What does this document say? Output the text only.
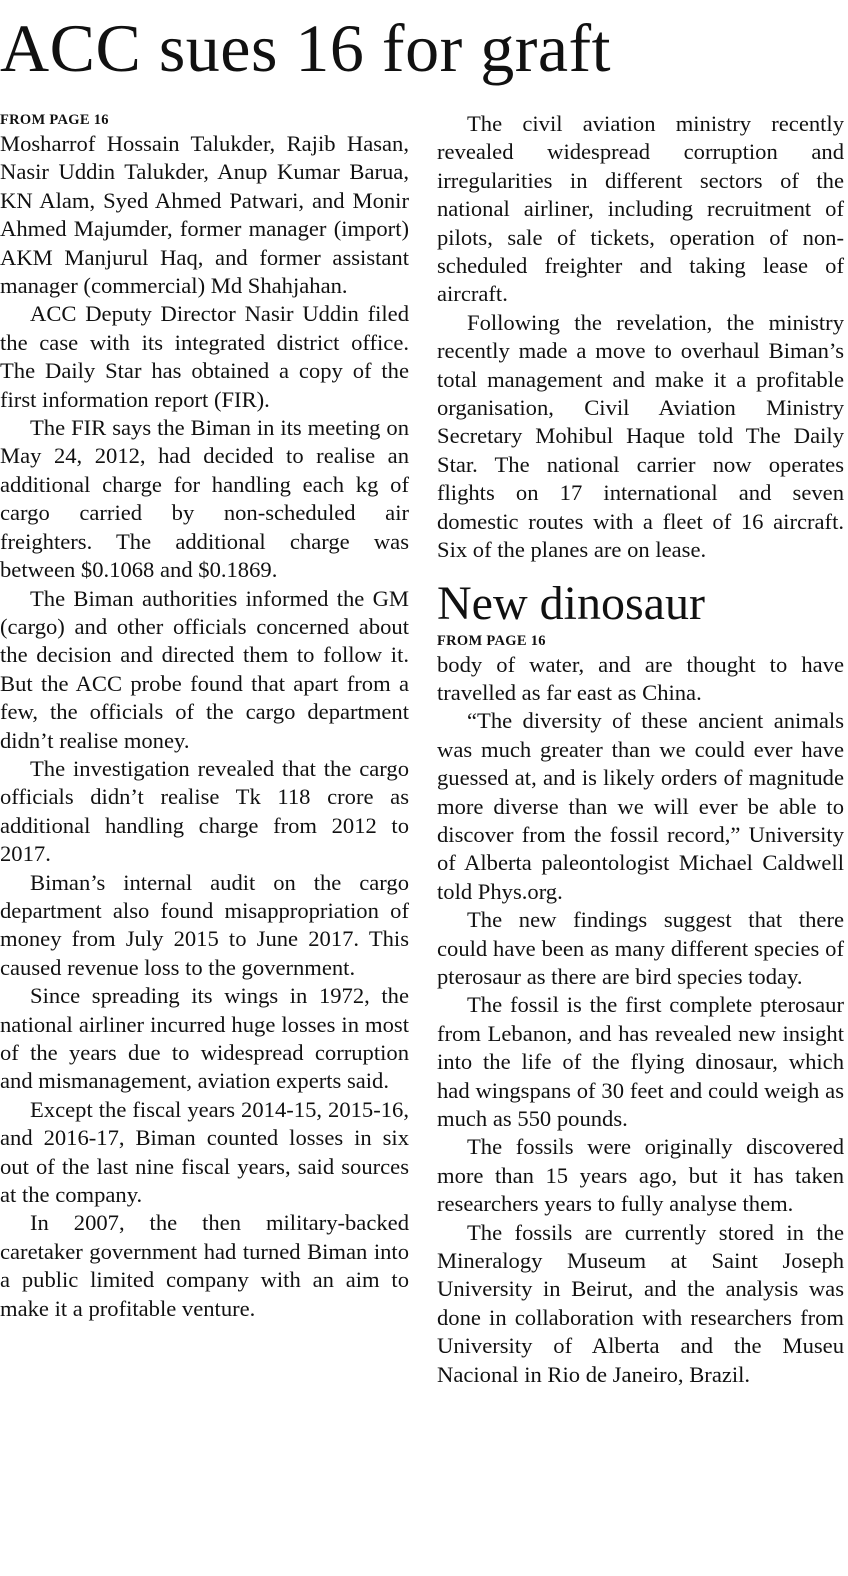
ACC sues 16 for graft

FROM PAGE 16

Mosharrof Hossain Talukder, Rajib Hasan, Nasir Uddin Talukder, Anup Kumar Barua, KN Alam, Syed Ahmed Patwari, and Monir Ahmed Majumder, former manager (import) AKM Manjurul Haq, and former assistant manager (commercial) Md Shahjahan.

ACC Deputy Director Nasir Uddin filed the case with its integrated district office. The Daily Star has obtained a copy of the first information report (FIR).

The FIR says the Biman in its meeting on May 24, 2012, had decided to realise an additional charge for handling each kg of cargo carried by non-scheduled air freighters. The additional charge was between $0.1068 and $0.1869.

The Biman authorities informed the GM (cargo) and other officials concerned about the decision and directed them to follow it. But the ACC probe found that apart from a few, the officials of the cargo department didn’t realise money.

The investigation revealed that the cargo officials didn’t realise Tk 118 crore as additional handling charge from 2012 to 2017.

Biman’s internal audit on the cargo department also found misappropriation of money from July 2015 to June 2017. This caused revenue loss to the government.

Since spreading its wings in 1972, the national airliner incurred huge losses in most of the years due to widespread corruption and mismanagement, aviation experts said.

Except the fiscal years 2014-15, 2015-16, and 2016-17, Biman counted losses in six out of the last nine fiscal years, said sources at the company.

In 2007, the then military-backed caretaker government had turned Biman into a public limited company with an aim to make it a profitable venture.

The civil aviation ministry recently revealed widespread corruption and irregularities in different sectors of the national airliner, including recruitment of pilots, sale of tickets, operation of non-scheduled freighter and taking lease of aircraft.

Following the revelation, the ministry recently made a move to overhaul Biman’s total management and make it a profitable organisation, Civil Aviation Ministry Secretary Mohibul Haque told The Daily Star. The national carrier now operates flights on 17 international and seven domestic routes with a fleet of 16 aircraft. Six of the planes are on lease.

New dinosaur

FROM PAGE 16

body of water, and are thought to have travelled as far east as China.

“The diversity of these ancient animals was much greater than we could ever have guessed at, and is likely orders of magnitude more diverse than we will ever be able to discover from the fossil record,” University of Alberta paleontologist Michael Caldwell told Phys.org.

The new findings suggest that there could have been as many different species of pterosaur as there are bird species today.

The fossil is the first complete pterosaur from Lebanon, and has revealed new insight into the life of the flying dinosaur, which had wingspans of 30 feet and could weigh as much as 550 pounds.

The fossils were originally discovered more than 15 years ago, but it has taken researchers years to fully analyse them.

The fossils are currently stored in the Mineralogy Museum at Saint Joseph University in Beirut, and the analysis was done in collaboration with researchers from University of Alberta and the Museu Nacional in Rio de Janeiro, Brazil.
